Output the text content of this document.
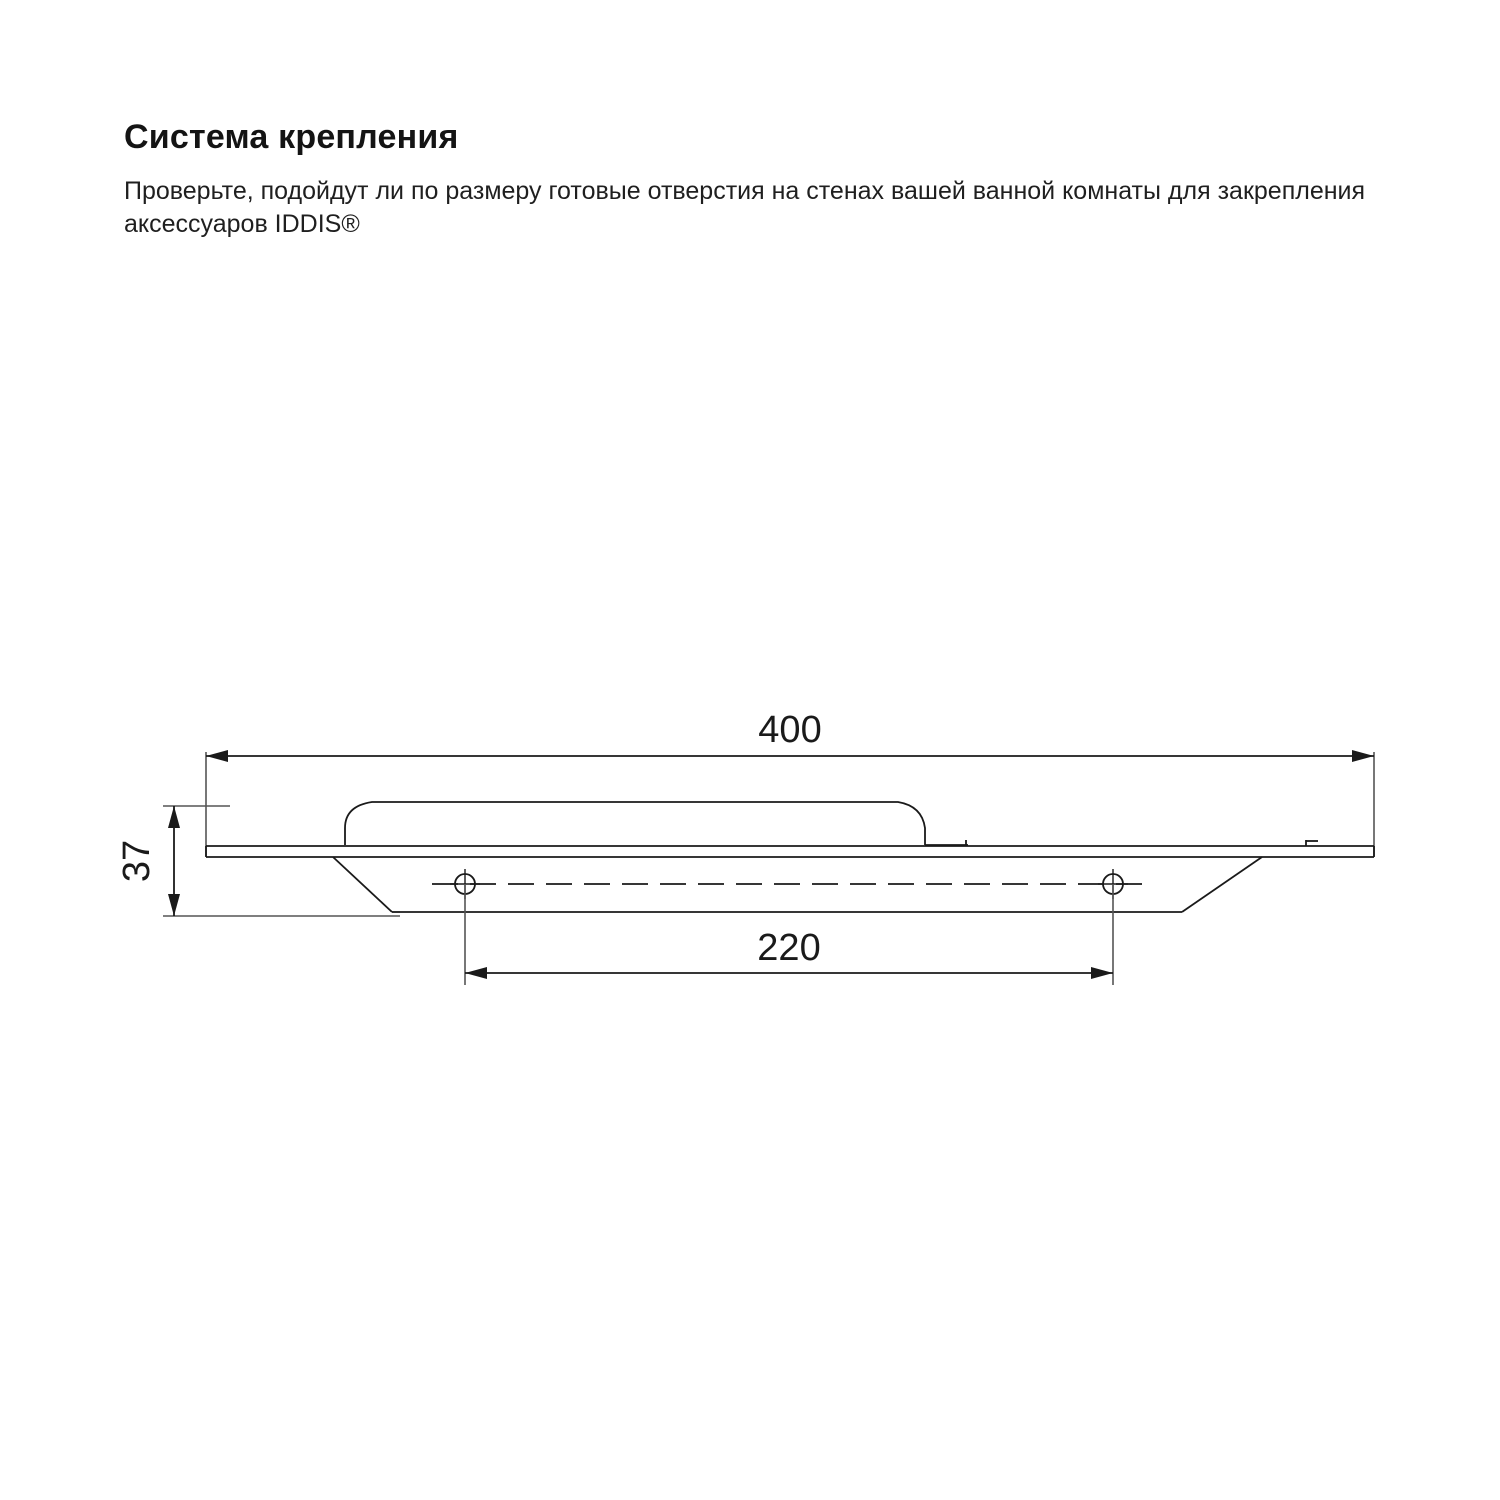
Система крепления

Проверьте, подойдут ли по размеру готовые отверстия на стенах вашей ванной комнаты для закрепления аксессуаров IDDIS®

400
37
220
